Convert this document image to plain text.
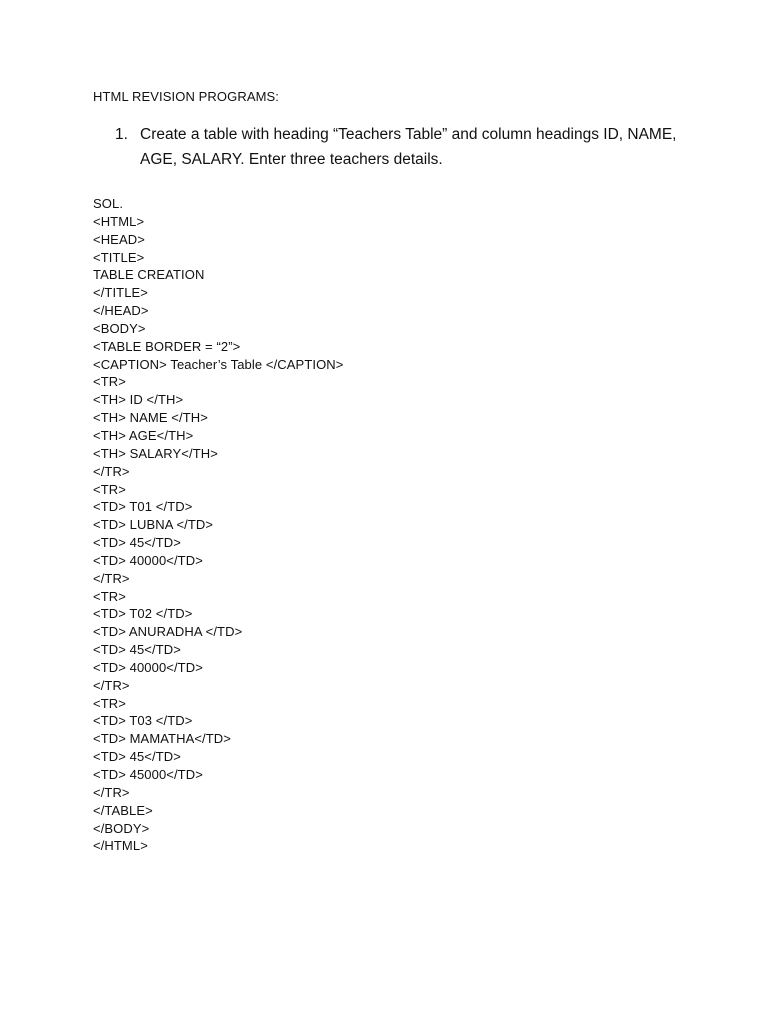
HTML REVISION PROGRAMS:
1. Create a table with heading “Teachers Table” and column headings ID, NAME, AGE, SALARY. Enter three teachers details.
SOL.
<HTML>
<HEAD>
<TITLE>
TABLE CREATION
</TITLE>
</HEAD>
<BODY>
<TABLE BORDER = “2”>
<CAPTION> Teacher’s Table </CAPTION>
<TR>
<TH> ID </TH>
<TH> NAME </TH>
<TH> AGE</TH>
<TH> SALARY</TH>
</TR>
<TR>
<TD> T01 </TD>
<TD> LUBNA </TD>
<TD> 45</TD>
<TD> 40000</TD>
</TR>
<TR>
<TD> T02 </TD>
<TD> ANURADHA </TD>
<TD> 45</TD>
<TD> 40000</TD>
</TR>
<TR>
<TD> T03 </TD>
<TD> MAMATHA</TD>
<TD> 45</TD>
<TD> 45000</TD>
</TR>
</TABLE>
</BODY>
</HTML>
